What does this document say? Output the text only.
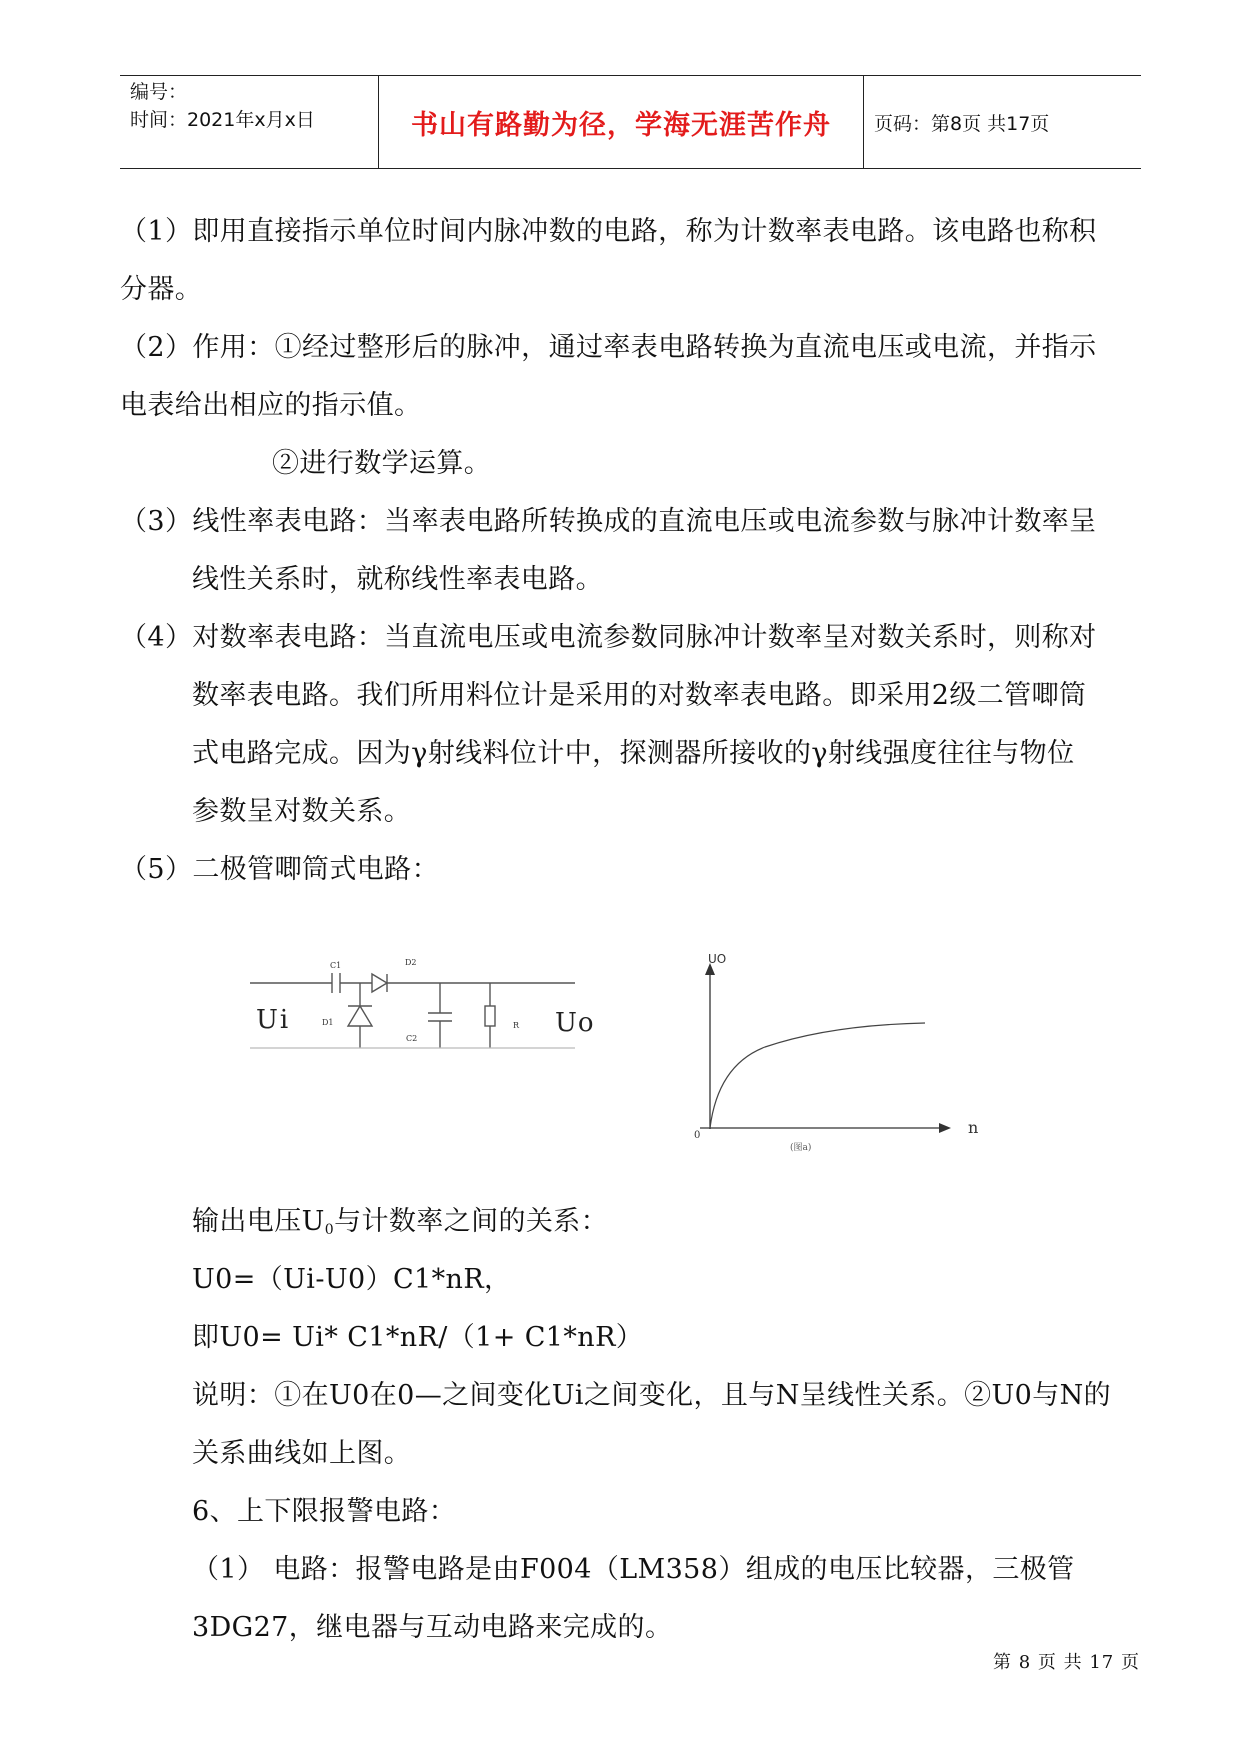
编号：
时间：2021年x月x日	书山有路勤为径，学海无涯苦作舟 页码：第8页 共17页
（1）即用直接指示单位时间内脉冲数的电路，称为计数率表电路。该电路也称积
分器。
（2）作用：①经过整形后的脉冲，通过率表电路转换为直流电压或电流，并指示
电表给出相应的指示值。
②进行数学运算。
（3）线性率表电路：当率表电路所转换成的直流电压或电流参数与脉冲计数率呈
线性关系时，就称线性率表电路。
（4）对数率表电路：当直流电压或电流参数同脉冲计数率呈对数关系时，则称对
数率表电路。我们所用料位计是采用的对数率表电路。即采用2级二管唧筒
式电路完成。因为γ射线料位计中，探测器所接收的γ射线强度往往与物位
参数呈对数关系。
（5）二极管唧筒式电路：
Ui	Uo
C1	D2
D1
C2
R
UO
n
0
(图a)
输出电压$U_0$与计数率之间的关系：
U0=（Ui-U0）C1*nR，
即U0= Ui* C1*nR/（1+ C1*nR）
说明：①在U0在0—之间变化Ui之间变化，且与N呈线性关系。②U0与N的
关系曲线如上图。
6、上下限报警电路：
（1） 电路：报警电路是由F004（LM358）组成的电压比较器，三极管
3DG27，继电器与互动电路来完成的。
第 8 页 共 17 页
